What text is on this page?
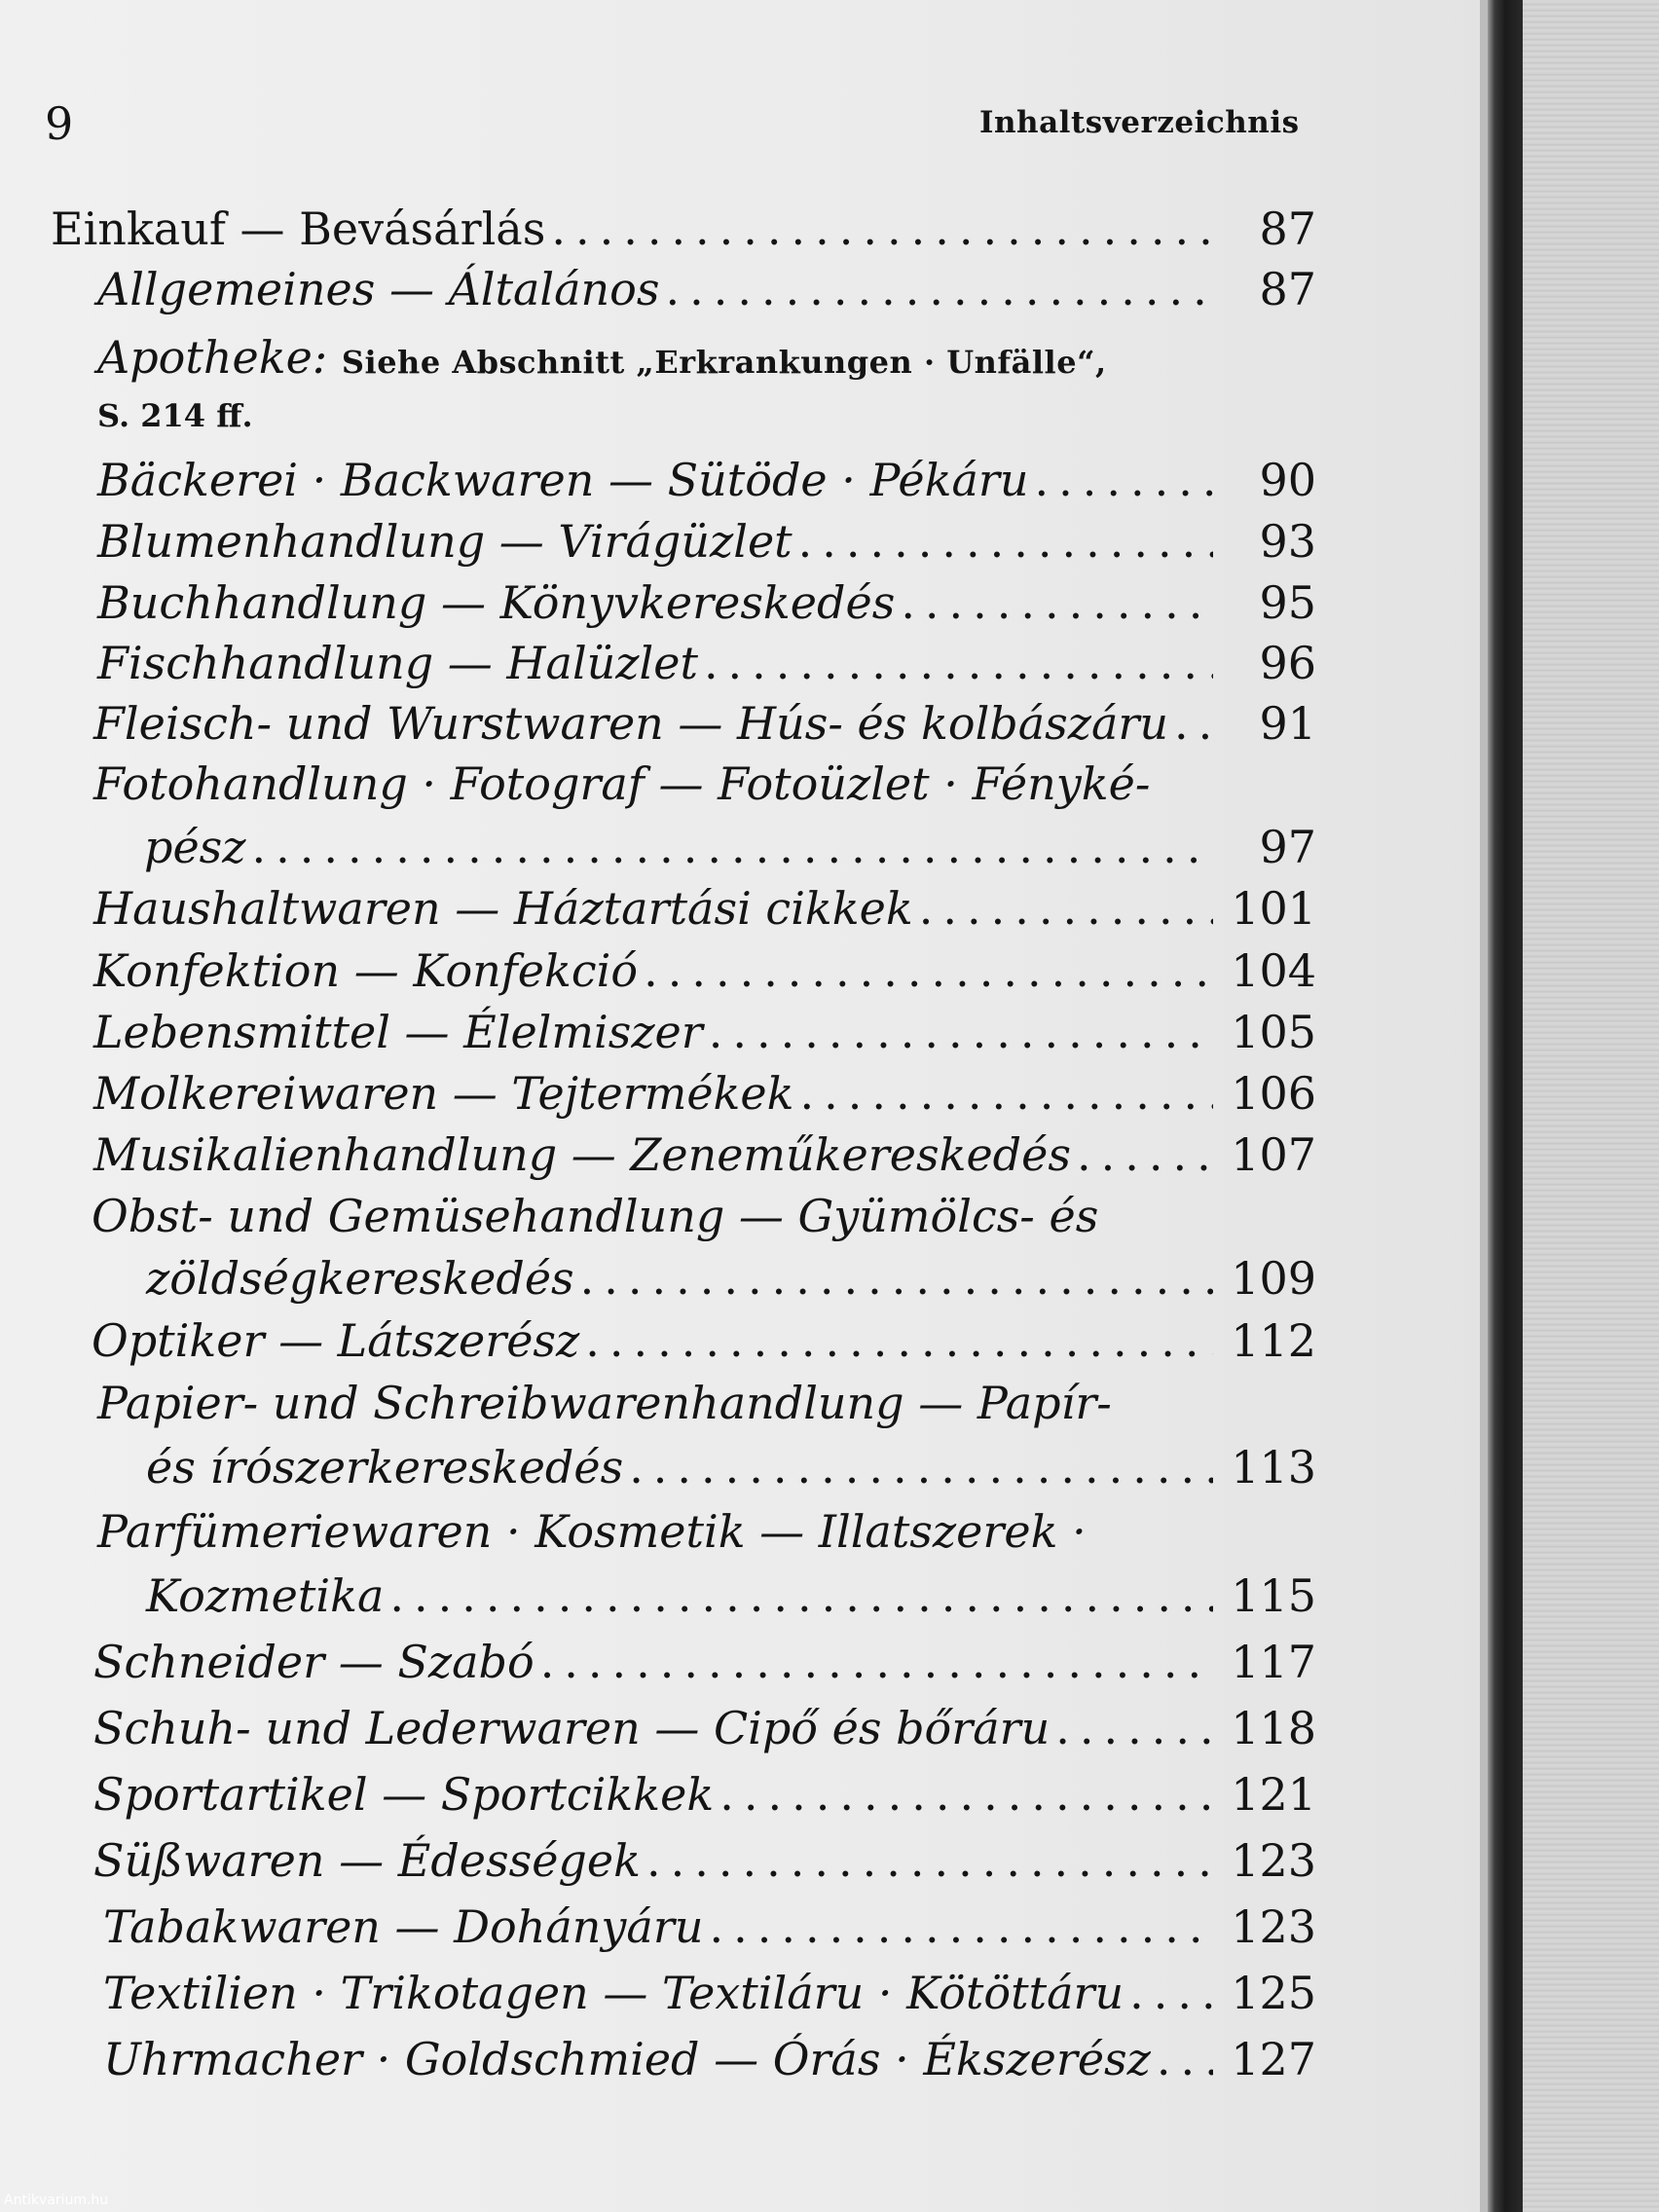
9	Inhaltsverzeichnis
Einkauf — Bevásárlás .....	87
Allgemeines — Általános .....	87
Apotheke: Siehe Abschnitt „Erkrankungen · Unfälle“,
S. 214 ff.
Bäckerei · Backwaren — Sütöde · Pékáru .....	90
Blumenhandlung — Virágüzlet .....	93
Buchhandlung — Könyvkereskedés .....	95
Fischhandlung — Halüzlet .....	96
Fleisch- und Wurstwaren — Hús- és kolbászáru .....	91
Fotohandlung · Fotograf — Fotoüzlet · Fényké-
pész .....	97
Haushaltwaren — Háztartási cikkek .....	101
Konfektion — Konfekció .....	104
Lebensmittel — Élelmiszer .....	105
Molkereiwaren — Tejtermékek .....	106
Musikalienhandlung — Zeneműkereskedés .....	107
Obst- und Gemüsehandlung — Gyümölcs- és
zöldségkereskedés .....	109
Optiker — Látszerész .....	112
Papier- und Schreibwarenhandlung — Papír-
és írószerkereskedés .....	113
Parfümeriewaren · Kosmetik — Illatszerek ·
Kozmetika .....	115
Schneider — Szabó .....	117
Schuh- und Lederwaren — Cipő és bőráru .....	118
Sportartikel — Sportcikkek .....	121
Süßwaren — Édességek .....	123
Tabakwaren — Dohányáru .....	123
Textilien · Trikotagen — Textiláru · Kötöttáru ..... 125
Uhrmacher · Goldschmied — Órás · Ékszerész ..... 127
Antikvarium.hu
